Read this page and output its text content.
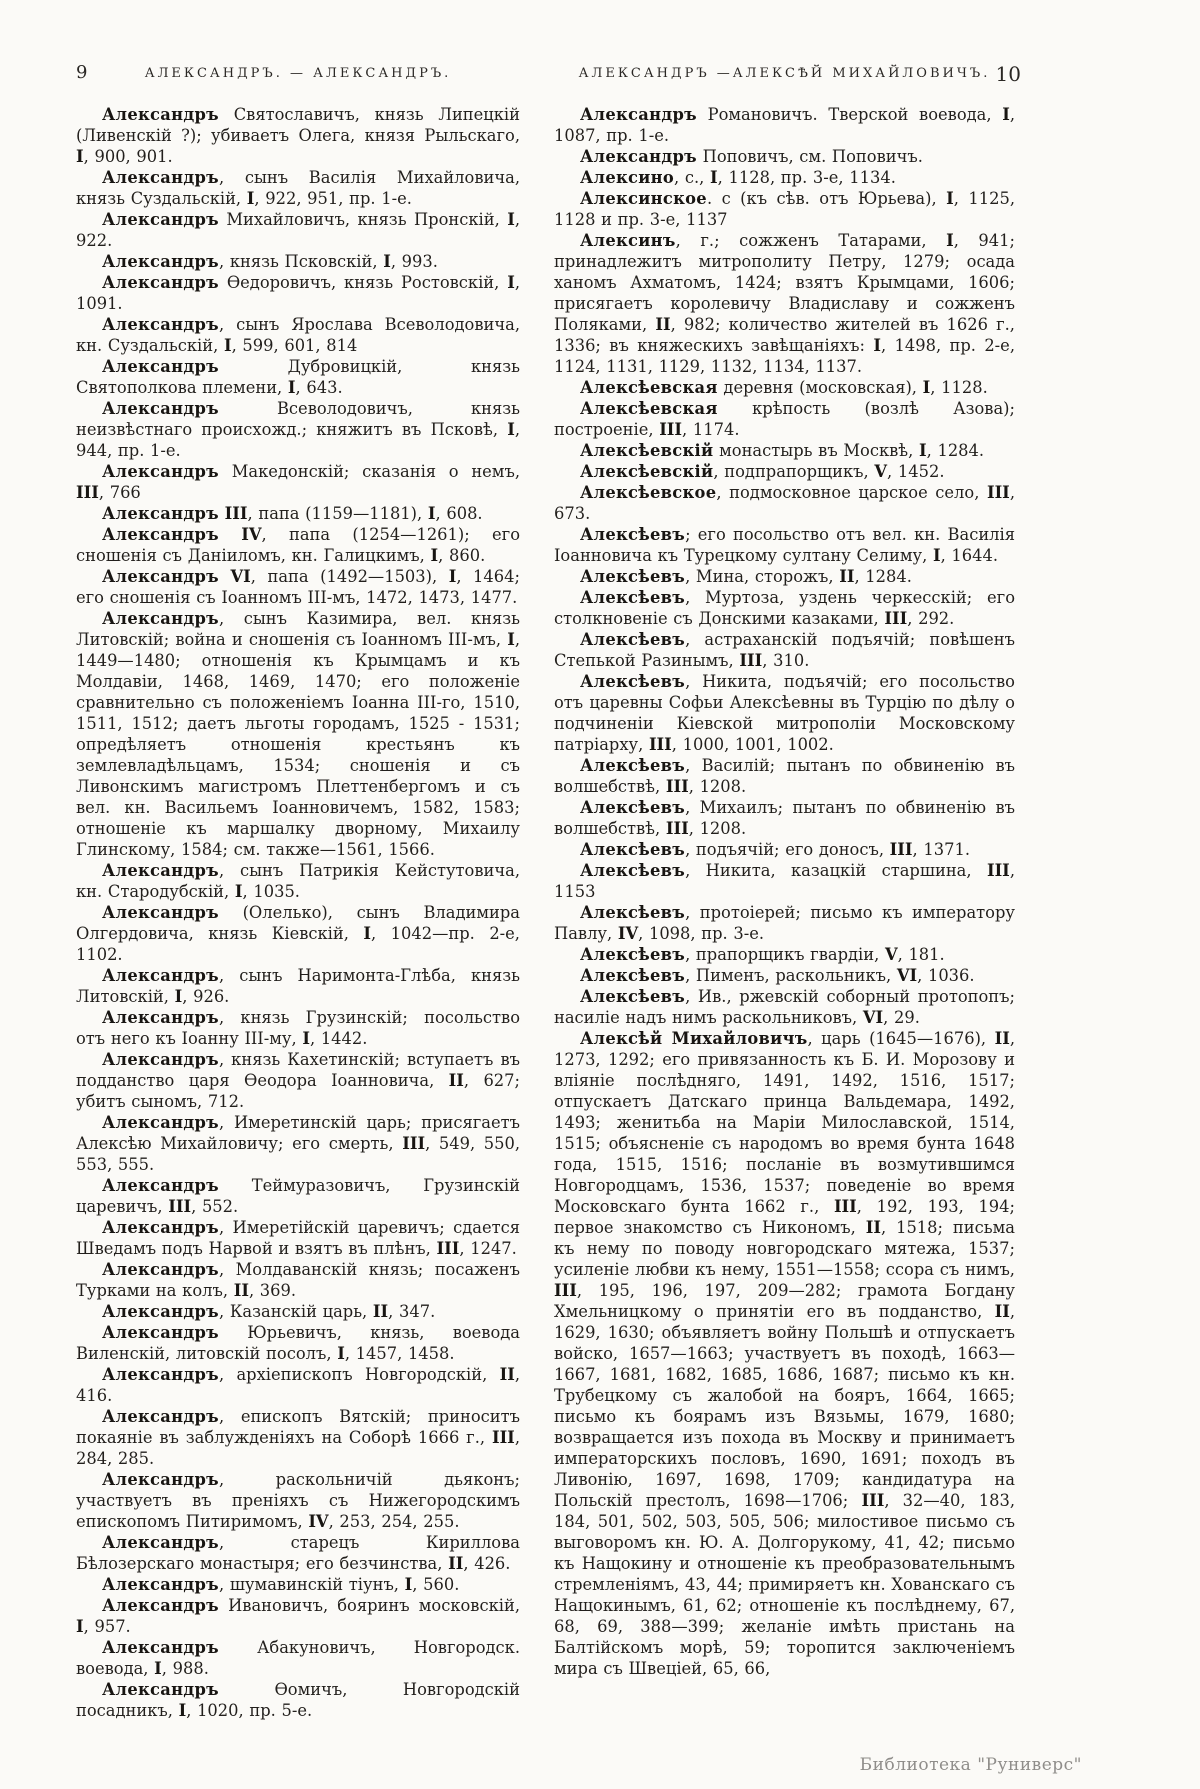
9	АЛЕКСАНДРЪ. — АЛЕКСАНДРЪ.	АЛЕКСАНДРЪ —АЛЕКСѢЙ МИХАЙЛОВИЧЪ. 10

Александръ Святославичъ, князь Липецкій (Ливенскій ?); убиваетъ Олега, князя Рыльскаго, I, 900, 901.

Александръ, сынъ Василія Михайловича, князь Суздальскій, I, 922, 951, пр. 1-е.

Александръ Михайловичъ, князь Пронскій, I, 922.

Александръ, князь Псковскій, I, 993.

Александръ Ѳедоровичъ, князь Ростовскій, I, 1091.

Александръ, сынъ Ярослава Всеволодовича, кн. Суздальскій, I, 599, 601, 814

Александръ Дубровицкій, князь Святополкова племени, I, 643.

Александръ Всеволодовичъ, князь неизвѣстнаго происхожд.; княжитъ въ Псковѣ, I, 944, пр. 1-е.

Александръ Македонскій; сказанія о немъ, III, 766

Александръ III, папа (1159—1181), I, 608.

Александръ IV, папа (1254—1261); его сношенія съ Даніиломъ, кн. Галицкимъ, I, 860.

Александръ VI, папа (1492—1503), I, 1464; его сношенія съ Іоанномъ III-мъ, 1472, 1473, 1477.

Александръ, сынъ Казимира, вел. князь Литовскій; война и сношенія съ Іоанномъ III-мъ, I, 1449—1480; отношенія къ Крымцамъ и къ Молдавіи, 1468, 1469, 1470; его положеніе сравнительно съ положеніемъ Іоанна III-го, 1510, 1511, 1512; даетъ льготы городамъ, 1525 - 1531; опредѣляетъ отношенія крестьянъ къ землевладѣльцамъ, 1534; сношенія и съ Ливонскимъ магистромъ Плеттенбергомъ и съ вел. кн. Васильемъ Іоанновичемъ, 1582, 1583; отношеніе къ маршалку дворному, Михаилу Глинскому, 1584; см. также—1561, 1566.

Александръ, сынъ Патрикія Кейстутовича, кн. Стародубскій, I, 1035.

Александръ (Олелько), сынъ Владимира Олгердовича, князь Кіевскій, I, 1042—пр. 2-е, 1102.

Александръ, сынъ Наримонта-Глѣба, князь Литовскій, I, 926.

Александръ, князь Грузинскій; посольство отъ него къ Іоанну III-му, I, 1442.

Александръ, князь Кахетинскій; вступаетъ въ подданство царя Ѳеодора Іоанновича, II, 627; убитъ сыномъ, 712.

Александръ, Имеретинскій царь; присягаетъ Алексѣю Михайловичу; его смерть, III, 549, 550, 553, 555.

Александръ Теймуразовичъ, Грузинскій царевичъ, III, 552.

Александръ, Имеретійскій царевичъ; сдается Шведамъ подъ Нарвой и взятъ въ плѣнъ, III, 1247.

Александръ, Молдаванскій князь; посаженъ Турками на колъ, II, 369.

Александръ, Казанскій царь, II, 347.

Александръ Юрьевичъ, князь, воевода Виленскій, литовскій посолъ, I, 1457, 1458.

Александръ, архіепископъ Новгородскій, II, 416.

Александръ, епископъ Вятскій; приноситъ покаяніе въ заблужденіяхъ на Соборѣ 1666 г., III, 284, 285.

Александръ, раскольничій дьяконъ; участвуетъ въ преніяхъ съ Нижегородскимъ епископомъ Питиримомъ, IV, 253, 254, 255.

Александръ, старецъ Кириллова Бѣлозерскаго монастыря; его безчинства, II, 426.

Александръ, шумавинскій тіунъ, I, 560.

Александръ Ивановичъ, бояринъ московскій, I, 957.

Александръ Абакуновичъ, Новгородск. воевода, I, 988.

Александръ Ѳомичъ, Новгородскій посадникъ, I, 1020, пр. 5-е.

Александръ Романовичъ. Тверской воевода, I, 1087, пр. 1-е.

Александръ Поповичъ, см. Поповичъ.

Алексино, с., I, 1128, пр. 3-е, 1134.

Алексинское. с (къ сѣв. отъ Юрьева), I, 1125, 1128 и пр. 3-е, 1137

Алексинъ, г.; сожженъ Татарами, I, 941; принадлежитъ митрополиту Петру, 1279; осада ханомъ Ахматомъ, 1424; взятъ Крымцами, 1606; присягаетъ королевичу Владиславу и сожженъ Поляками, II, 982; количество жителей въ 1626 г., 1336; въ княжескихъ завѣщаніяхъ: I, 1498, пр. 2-е, 1124, 1131, 1129, 1132, 1134, 1137.

Алексѣевская деревня (московская), I, 1128.

Алексѣевская крѣпость (возлѣ Азова); построеніе, III, 1174.

Алексѣевскій монастырь въ Москвѣ, I, 1284.

Алексѣевскій, подпрапорщикъ, V, 1452.

Алексѣевское, подмосковное царское село, III, 673.

Алексѣевъ; его посольство отъ вел. кн. Василія Іоанновича къ Турецкому султану Селиму, I, 1644.

Алексѣевъ, Мина, сторожъ, II, 1284.

Алексѣевъ, Муртоза, уздень черкесскій; его столкновеніе съ Донскими казаками, III, 292.

Алексѣевъ, астраханскій подъячій; повѣшенъ Степькой Разинымъ, III, 310.

Алексѣевъ, Никита, подъячій; его посольство отъ царевны Софьи Алексѣевны въ Турцію по дѣлу о подчиненіи Кіевской митрополіи Московскому патріарху, III, 1000, 1001, 1002.

Алексѣевъ, Василій; пытанъ по обвиненію въ волшебствѣ, III, 1208.

Алексѣевъ, Михаилъ; пытанъ по обвиненію въ волшебствѣ, III, 1208.

Алексѣевъ, подъячій; его доносъ, III, 1371.

Алексѣевъ, Никита, казацкій старшина, III, 1153

Алексѣевъ, протоіерей; письмо къ императору Павлу, IV, 1098, пр. 3-е.

Алексѣевъ, прапорщикъ гвардіи, V, 181.

Алексѣевъ, Пименъ, раскольникъ, VI, 1036.

Алексѣевъ, Ив., ржевскій соборный протопопъ; насиліе надъ нимъ раскольниковъ, VI, 29.

Алексѣй Михайловичъ, царь (1645—1676), II, 1273, 1292; его привязанность къ Б. И. Морозову и вліяніе послѣдняго, 1491, 1492, 1516, 1517; отпускаетъ Датскаго принца Вальдемара, 1492, 1493; женитьба на Маріи Милославской, 1514, 1515; объясненіе съ народомъ во время бунта 1648 года, 1515, 1516; посланіе въ возмутившимся Новгородцамъ, 1536, 1537; поведеніе во время Московскаго бунта 1662 г., III, 192, 193, 194; первое знакомство съ Никономъ, II, 1518; письма къ нему по поводу новгородскаго мятежа, 1537; усиленіе любви къ нему, 1551—1558; ссора съ нимъ, III, 195, 196, 197, 209—282; грамота Богдану Хмельницкому о принятіи его въ подданство, II, 1629, 1630; объявляетъ войну Польшѣ и отпускаетъ войско, 1657—1663; участвуетъ въ походѣ, 1663—1667, 1681, 1682, 1685, 1686, 1687; письмо къ кн. Трубецкому съ жалобой на бояръ, 1664, 1665; письмо къ боярамъ изъ Вязьмы, 1679, 1680; возвращается изъ похода въ Москву и принимаетъ императорскихъ пословъ, 1690, 1691; походъ въ Ливонію, 1697, 1698, 1709; кандидатура на Польскій престолъ, 1698—1706; III, 32—40, 183, 184, 501, 502, 503, 505, 506; милостивое письмо съ выговоромъ кн. Ю. А. Долгорукому, 41, 42; письмо къ Нащокину и отношеніе къ преобразовательнымъ стремленіямъ, 43, 44; примиряетъ кн. Хованскаго съ Нащокинымъ, 61, 62; отношеніе къ послѣднему, 67, 68, 69, 388—399; желаніе имѣть пристань на Балтійскомъ морѣ, 59; торопится заключеніемъ мира съ Швеціей, 65, 66,

Библиотека "Руниверс"
